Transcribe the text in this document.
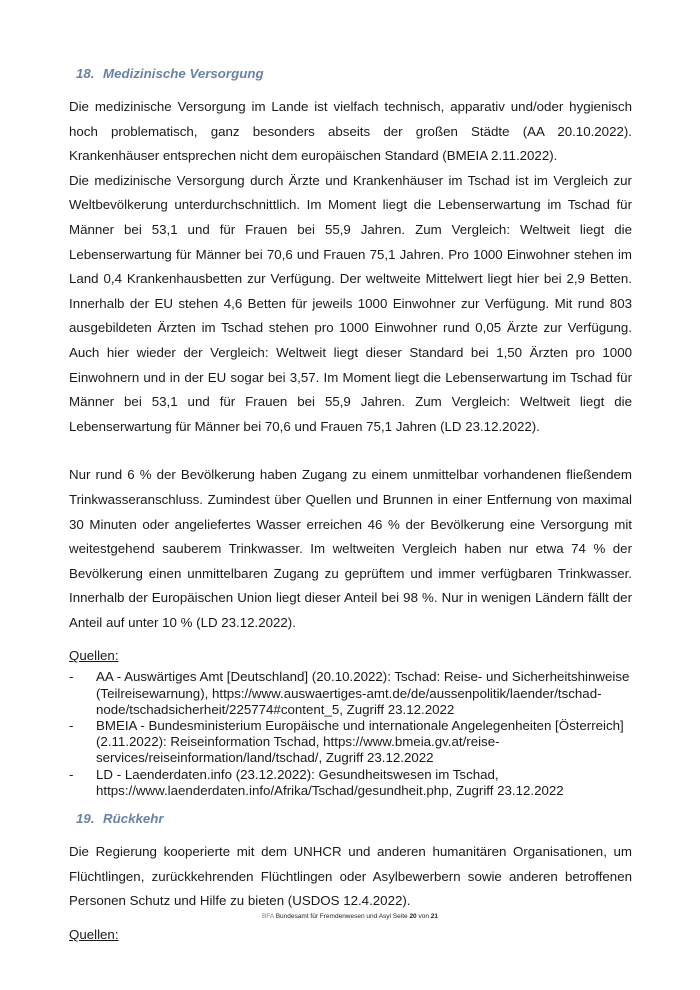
18. Medizinische Versorgung

Die medizinische Versorgung im Lande ist vielfach technisch, apparativ und/oder hygienisch hoch problematisch, ganz besonders abseits der großen Städte (AA 20.10.2022). Krankenhäuser entsprechen nicht dem europäischen Standard (BMEIA 2.11.2022).

Die medizinische Versorgung durch Ärzte und Krankenhäuser im Tschad ist im Vergleich zur Weltbevölkerung unterdurchschnittlich. Im Moment liegt die Lebenserwartung im Tschad für Männer bei 53,1 und für Frauen bei 55,9 Jahren. Zum Vergleich: Weltweit liegt die Lebenserwartung für Männer bei 70,6 und Frauen 75,1 Jahren. Pro 1000 Einwohner stehen im Land 0,4 Krankenhausbetten zur Verfügung. Der weltweite Mittelwert liegt hier bei 2,9 Betten. Innerhalb der EU stehen 4,6 Betten für jeweils 1000 Einwohner zur Verfügung. Mit rund 803 ausgebildeten Ärzten im Tschad stehen pro 1000 Einwohner rund 0,05 Ärzte zur Verfügung. Auch hier wieder der Vergleich: Weltweit liegt dieser Standard bei 1,50 Ärzten pro 1000 Einwohnern und in der EU sogar bei 3,57. Im Moment liegt die Lebenserwartung im Tschad für Männer bei 53,1 und für Frauen bei 55,9 Jahren. Zum Vergleich: Weltweit liegt die Lebenserwartung für Männer bei 70,6 und Frauen 75,1 Jahren (LD 23.12.2022).

Nur rund 6 % der Bevölkerung haben Zugang zu einem unmittelbar vorhandenen fließendem Trinkwasseranschluss. Zumindest über Quellen und Brunnen in einer Entfernung von maximal 30 Minuten oder angeliefertes Wasser erreichen 46 % der Bevölkerung eine Versorgung mit weitestgehend sauberem Trinkwasser. Im weltweiten Vergleich haben nur etwa 74 % der Bevölkerung einen unmittelbaren Zugang zu geprüftem und immer verfügbaren Trinkwasser. Innerhalb der Europäischen Union liegt dieser Anteil bei 98 %. Nur in wenigen Ländern fällt der Anteil auf unter 10 % (LD 23.12.2022).

Quellen:
- AA - Auswärtiges Amt [Deutschland] (20.10.2022): Tschad: Reise- und Sicherheitshinweise (Teilreisewarnung), https://www.auswaertiges-amt.de/de/aussenpolitik/laender/tschad-node/tschadsicherheit/225774#content_5, Zugriff 23.12.2022
- BMEIA - Bundesministerium Europäische und internationale Angelegenheiten [Österreich] (2.11.2022): Reiseinformation Tschad, https://www.bmeia.gv.at/reise-services/reiseinformation/land/tschad/, Zugriff 23.12.2022
- LD - Laenderdaten.info (23.12.2022): Gesundheitswesen im Tschad, https://www.laenderdaten.info/Afrika/Tschad/gesundheit.php, Zugriff 23.12.2022
19. Rückkehr

Die Regierung kooperierte mit dem UNHCR und anderen humanitären Organisationen, um Flüchtlingen, zurückkehrenden Flüchtlingen oder Asylbewerbern sowie anderen betroffenen Personen Schutz und Hilfe zu bieten (USDOS 12.4.2022).

Quellen:
BFA Bundesamt für Fremdenwesen und Asyl Seite 20 von 21
